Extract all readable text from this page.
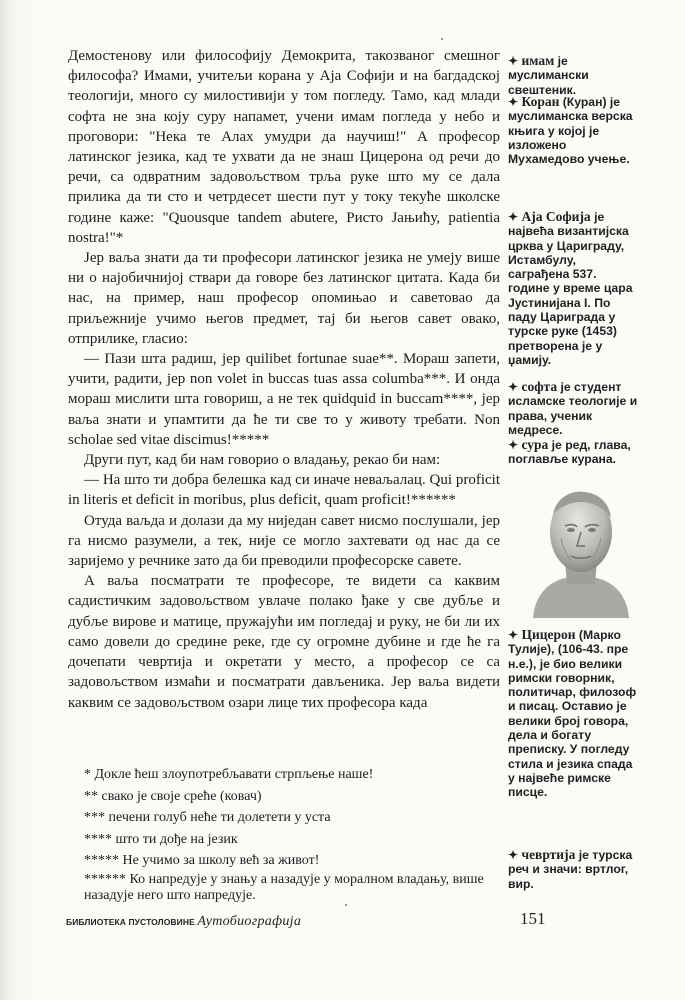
Демостенову или философију Демокрита, такозваног смешног философа? Имами, учитељи корана у Аја Софији и на багдадској теологији, много су милостивији у том погледу. Тамо, кад млади софта не зна коју суру напамет, учени имам погледа у небо и проговори: "Нека те Алах умудри да научиш!" А професор латинског језика, кад те ухвати да не знаш Цицерона од речи до речи, са одвратним задовољством трља руке што му се дала прилика да ти сто и четрдесет шести пут у току текуће школске године каже: "Quousque tandem abutere, Pисто Јањићу, patientia nostra!"*

Јер ваља знати да ти професори латинског језика не умеју више ни о најобичнијој ствари да говоре без латинског цитата. Када би нас, на пример, наш професор опомињао и саветовао да приљежније учимо његов предмет, тај би његов савет овако, отприлике, гласио:

— Пази шта радиш, јер quilibet fortunae suae**. Мораш запети, учити, радити, јер non volet in buccas tuas assa columba***. И онда мораш мислити шта говориш, а не тек quidquid in buccam****, јер ваља знати и упамтити да ће ти све то у животу требати. Non scholae sed vitae discimus!*****

Други пут, кад би нам говорио о владању, рекао би нам:

— На што ти добра белешка кад си иначе неваљалац. Qui proficit in literis et deficit in moribus, plus deficit, quam proficit!******

Отуда ваљда и долази да му ниједан савет нисмо послушали, јер га нисмо разумели, а тек, није се могло захтевати од нас да се заријемо у речнике зато да би преводили професорске савете.

А ваља посматрати те професоре, те видети са каквим садистичким задовољством увлаче полако ђаке у све дубље и дубље вирове и матице, пружајући им погледај и руку, не би ли их само довели до средине реке, где су огромне дубине и где ће га дочепати чевртија и окретати у место, а професор се са задовољством измаћи и посматрати дављеника. Јер ваља видети каквим се задовољством озари лице тих професора када

* Докле ћеш злоупотребљавати стрпљење наше!
** свако је своје среће (ковач)
*** печени голуб неће ти долетети у уста
**** што ти дође на језик
***** Не учимо за школу већ за живот!
****** Ко напредује у знању а назадује у моралном владању, више назадује него што напредује.
✦ имам је муслимански свештеник.
✦ Коран (Куран) је муслиманска верска књига у којој је изложено Мухамедово учење.
✦ Аја Софија је највећа византијска црква у Цариграду, Истамбулу, саграђена 537. године у време цара Јустинијана I. По паду Цариграда у турске руке (1453) претворена је у џамију.
✦ софта је студент исламске теологије и права, ученик медресе.
✦ сура је ред, глава, поглавље курана.
✦ Цицерон (Марко Тулије), (106-43. пре н.е.), је био велики римски говорник, политичар, филозоф и писац. Оставио је велики број говора, дела и богату преписку. У погледу стила и језика спада у највеће римске писце.
✦ чевртија је турска реч и значи: вртлог, вир.
БИБЛИОТЕКА ПУСТОЛОВИНЕ Аутобиографија	151
